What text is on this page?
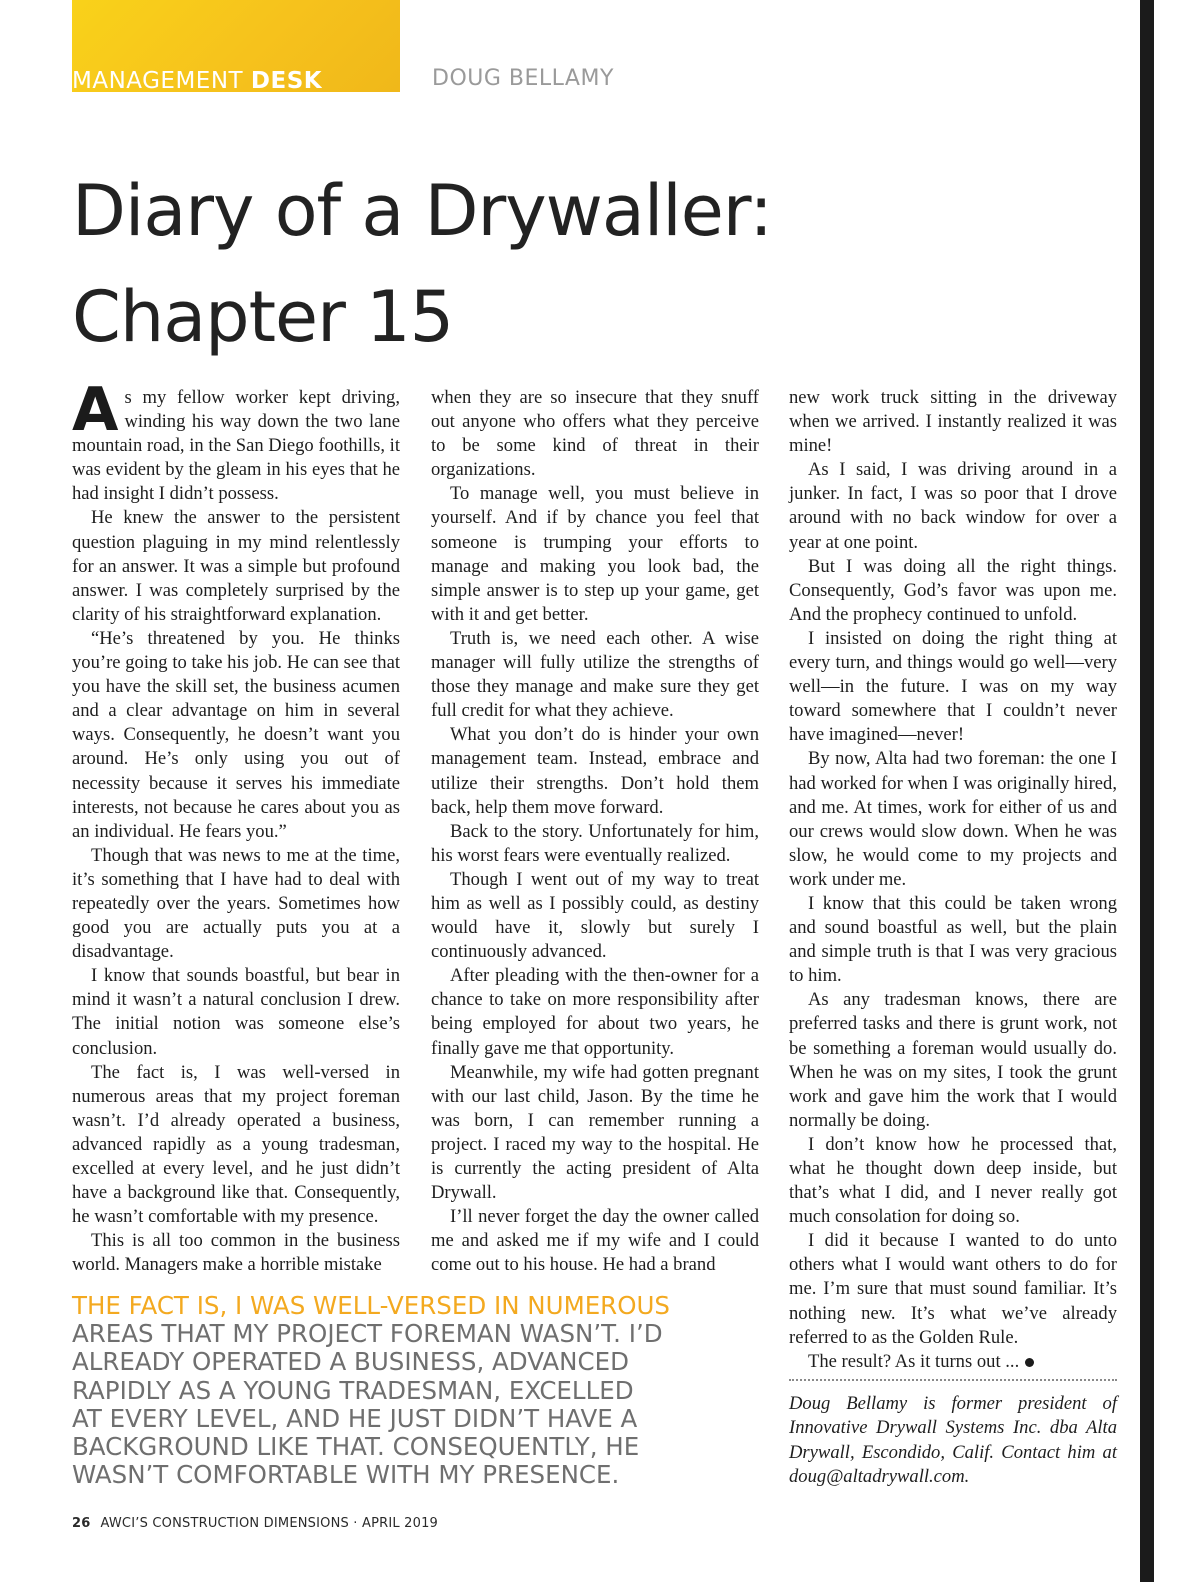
MANAGEMENT DESK	DOUG BELLAMY
Diary of a Drywaller:
Chapter 15

As my fellow worker kept driving, winding his way down the two lane mountain road, in the San Diego foothills, it was evident by the gleam in his eyes that he had insight I didn’t possess.

He knew the answer to the persistent question plaguing in my mind relentlessly for an answer. It was a simple but profound answer. I was completely surprised by the clarity of his straightforward explanation.

“He’s threatened by you. He thinks you’re going to take his job. He can see that you have the skill set, the business acumen and a clear advantage on him in several ways. Consequently, he doesn’t want you around. He’s only using you out of necessity because it serves his immediate interests, not because he cares about you as an individual. He fears you.”

Though that was news to me at the time, it’s something that I have had to deal with repeatedly over the years. Sometimes how good you are actually puts you at a disadvantage.

I know that sounds boastful, but bear in mind it wasn’t a natural conclusion I drew. The initial notion was someone else’s conclusion.

The fact is, I was well-versed in numerous areas that my project foreman wasn’t. I’d already operated a business, advanced rapidly as a young tradesman, excelled at every level, and he just didn’t have a background like that. Consequently, he wasn’t comfortable with my presence.

This is all too common in the business world. Managers make a horrible mistake

when they are so insecure that they snuff out anyone who offers what they perceive to be some kind of threat in their organizations.

To manage well, you must believe in yourself. And if by chance you feel that someone is trumping your efforts to manage and making you look bad, the simple answer is to step up your game, get with it and get better.

Truth is, we need each other. A wise manager will fully utilize the strengths of those they manage and make sure they get full credit for what they achieve.

What you don’t do is hinder your own management team. Instead, embrace and utilize their strengths. Don’t hold them back, help them move forward.

Back to the story. Unfortunately for him, his worst fears were eventually realized.

Though I went out of my way to treat him as well as I possibly could, as destiny would have it, slowly but surely I continuously advanced.

After pleading with the then-owner for a chance to take on more responsibility after being employed for about two years, he finally gave me that opportunity.

Meanwhile, my wife had gotten pregnant with our last child, Jason. By the time he was born, I can remember running a project. I raced my way to the hospital. He is currently the acting president of Alta Drywall.

I’ll never forget the day the owner called me and asked me if my wife and I could come out to his house. He had a brand

new work truck sitting in the driveway when we arrived. I instantly realized it was mine!

As I said, I was driving around in a junker. In fact, I was so poor that I drove around with no back window for over a year at one point.

But I was doing all the right things. Consequently, God’s favor was upon me. And the prophecy continued to unfold.

I insisted on doing the right thing at every turn, and things would go well—very well—in the future. I was on my way toward somewhere that I couldn’t never have imagined—never!

By now, Alta had two foreman: the one I had worked for when I was originally hired, and me. At times, work for either of us and our crews would slow down. When he was slow, he would come to my projects and work under me.

I know that this could be taken wrong and sound boastful as well, but the plain and simple truth is that I was very gracious to him.

As any tradesman knows, there are preferred tasks and there is grunt work, not be something a foreman would usually do. When he was on my sites, I took the grunt work and gave him the work that I would normally be doing.

I don’t know how he processed that, what he thought down deep inside, but that’s what I did, and I never really got much consolation for doing so.

I did it because I wanted to do unto others what I would want others to do for me. I’m sure that must sound familiar. It’s nothing new. It’s what we’ve already referred to as the Golden Rule.

The result? As it turns out ...

Doug Bellamy is former president of Innovative Drywall Systems Inc. dba Alta Drywall, Escondido, Calif. Contact him at doug@altadrywall.com.
THE FACT IS, I WAS WELL-VERSED IN NUMEROUS
AREAS THAT MY PROJECT FOREMAN WASN’T. I’D
ALREADY OPERATED A BUSINESS, ADVANCED
RAPIDLY AS A YOUNG TRADESMAN, EXCELLED
AT EVERY LEVEL, AND HE JUST DIDN’T HAVE A
BACKGROUND LIKE THAT. CONSEQUENTLY, HE
WASN’T COMFORTABLE WITH MY PRESENCE.
26 AWCI’S CONSTRUCTION DIMENSIONS · APRIL 2019
